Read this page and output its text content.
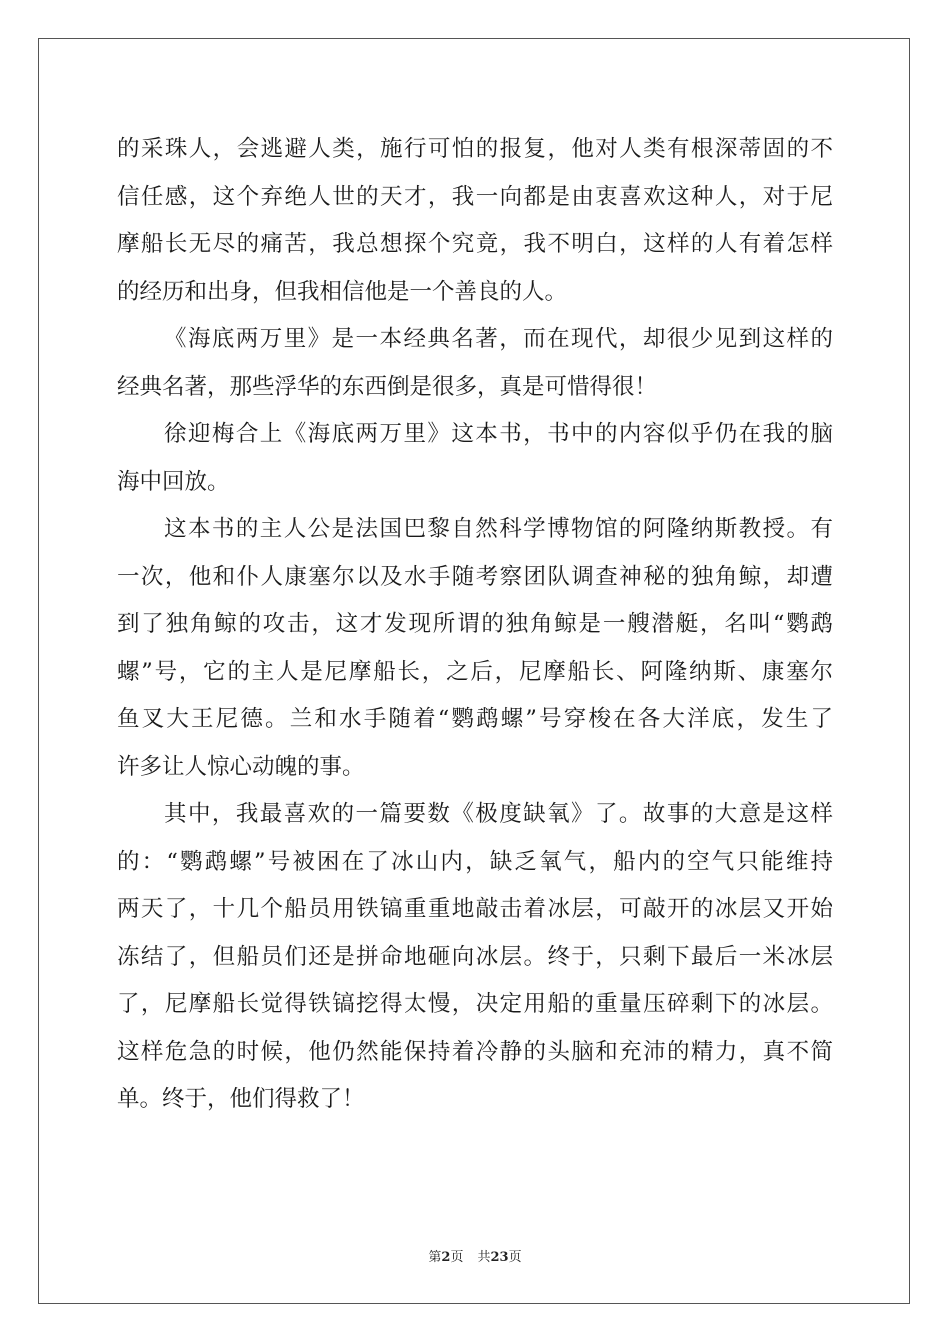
的采珠人，会逃避人类，施行可怕的报复，他对人类有根深蒂固的不
信任感，这个弃绝人世的天才，我一向都是由衷喜欢这种人，对于尼
摩船长无尽的痛苦，我总想探个究竟，我不明白，这样的人有着怎样
的经历和出身，但我相信他是一个善良的人。
《海底两万里》是一本经典名著，而在现代，却很少见到这样的
经典名著，那些浮华的东西倒是很多，真是可惜得很！
徐迎梅合上《海底两万里》这本书，书中的内容似乎仍在我的脑
海中回放。
这本书的主人公是法国巴黎自然科学博物馆的阿隆纳斯教授。有
一次，他和仆人康塞尔以及水手随考察团队调查神秘的独角鲸，却遭
到了独角鲸的攻击，这才发现所谓的独角鲸是一艘潜艇，名叫“鹦鹉
螺”号，它的主人是尼摩船长，之后，尼摩船长、阿隆纳斯、康塞尔
鱼叉大王尼德。兰和水手随着“鹦鹉螺”号穿梭在各大洋底，发生了
许多让人惊心动魄的事。
其中，我最喜欢的一篇要数《极度缺氧》了。故事的大意是这样
的：“鹦鹉螺”号被困在了冰山内，缺乏氧气，船内的空气只能维持
两天了，十几个船员用铁镐重重地敲击着冰层，可敲开的冰层又开始
冻结了，但船员们还是拼命地砸向冰层。终于，只剩下最后一米冰层
了，尼摩船长觉得铁镐挖得太慢，决定用船的重量压碎剩下的冰层。
这样危急的时候，他仍然能保持着冷静的头脑和充沛的精力，真不简
单。终于，他们得救了！
第2页 共23页
